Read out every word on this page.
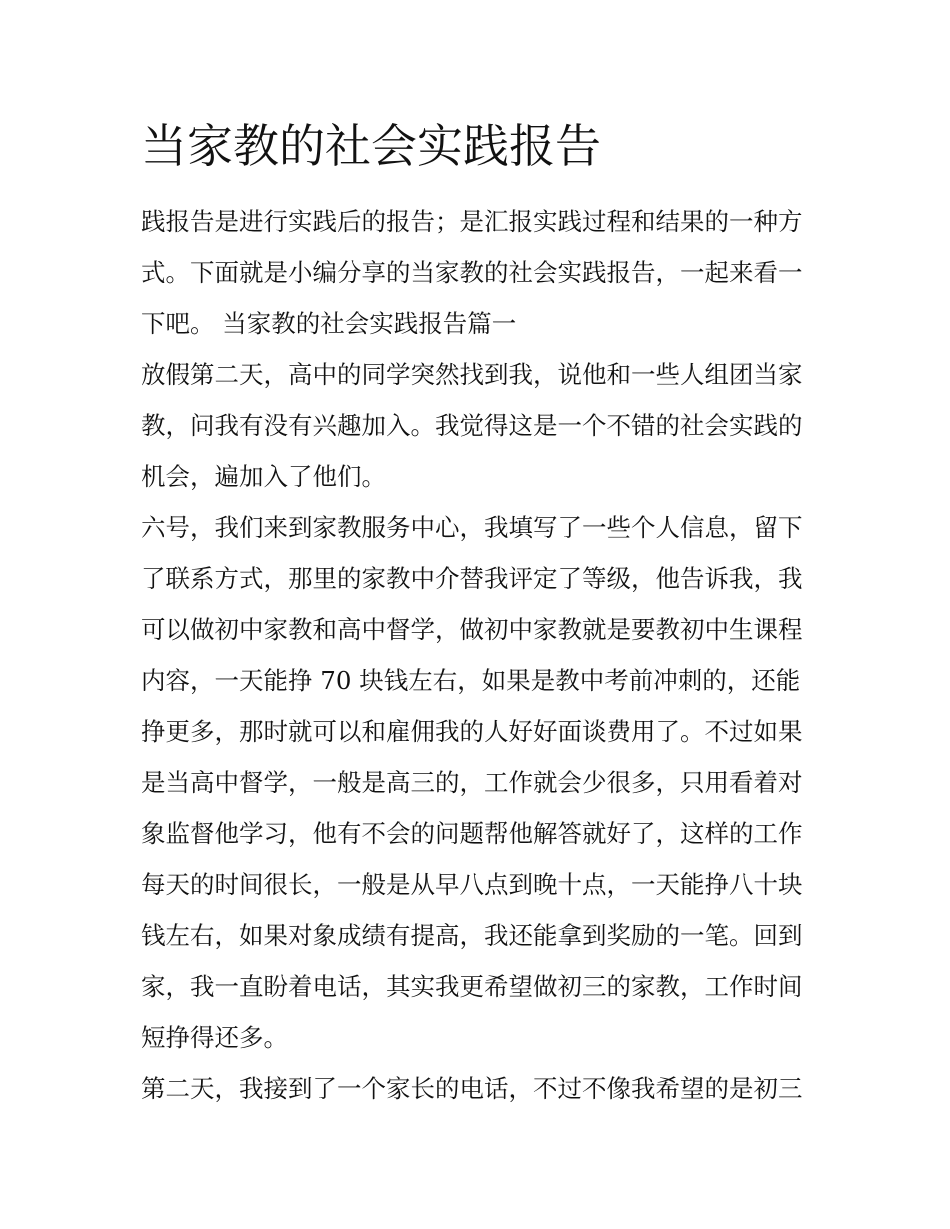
当家教的社会实践报告

践报告是进行实践后的报告；是汇报实践过程和结果的一种方

式。下面就是小编分享的当家教的社会实践报告，一起来看一

下吧。 当家教的社会实践报告篇一

放假第二天，高中的同学突然找到我，说他和一些人组团当家

教，问我有没有兴趣加入。我觉得这是一个不错的社会实践的

机会，遍加入了他们。

六号，我们来到家教服务中心，我填写了一些个人信息，留下

了联系方式，那里的家教中介替我评定了等级，他告诉我，我

可以做初中家教和高中督学，做初中家教就是要教初中生课程

内容，一天能挣 70 块钱左右，如果是教中考前冲刺的，还能

挣更多，那时就可以和雇佣我的人好好面谈费用了。不过如果

是当高中督学，一般是高三的，工作就会少很多，只用看着对

象监督他学习，他有不会的问题帮他解答就好了，这样的工作

每天的时间很长，一般是从早八点到晚十点，一天能挣八十块

钱左右，如果对象成绩有提高，我还能拿到奖励的一笔。回到

家，我一直盼着电话，其实我更希望做初三的家教，工作时间

短挣得还多。

第二天，我接到了一个家长的电话，不过不像我希望的是初三
